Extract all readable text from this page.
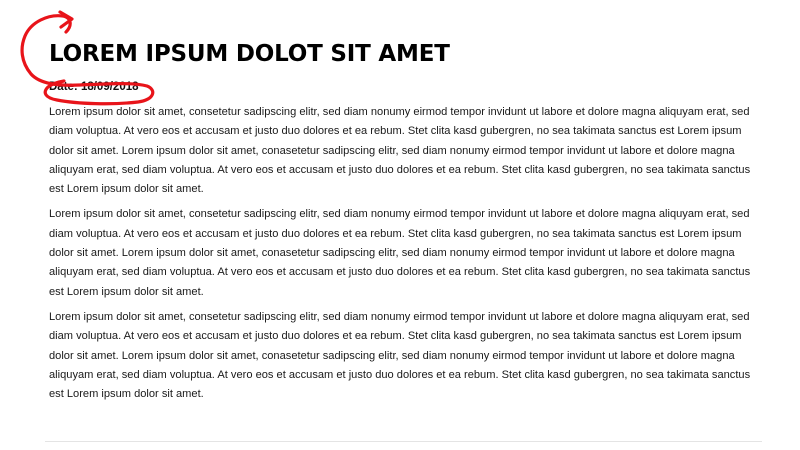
LOREM IPSUM DOLOT SIT AMET
Date: 18/09/2018

Lorem ipsum dolor sit amet, consetetur sadipscing elitr, sed diam nonumy eirmod tempor invidunt ut labore et dolore magna aliquyam erat, sed diam voluptua. At vero eos et accusam et justo duo dolores et ea rebum. Stet clita kasd gubergren, no sea takimata sanctus est Lorem ipsum dolor sit amet. Lorem ipsum dolor sit amet, conasetetur sadipscing elitr, sed diam nonumy eirmod tempor invidunt ut labore et dolore magna aliquyam erat, sed diam voluptua. At vero eos et accusam et justo duo dolores et ea rebum. Stet clita kasd gubergren, no sea takimata sanctus est Lorem ipsum dolor sit amet.

Lorem ipsum dolor sit amet, consetetur sadipscing elitr, sed diam nonumy eirmod tempor invidunt ut labore et dolore magna aliquyam erat, sed diam voluptua. At vero eos et accusam et justo duo dolores et ea rebum. Stet clita kasd gubergren, no sea takimata sanctus est Lorem ipsum dolor sit amet. Lorem ipsum dolor sit amet, conasetetur sadipscing elitr, sed diam nonumy eirmod tempor invidunt ut labore et dolore magna aliquyam erat, sed diam voluptua. At vero eos et accusam et justo duo dolores et ea rebum. Stet clita kasd gubergren, no sea takimata sanctus est Lorem ipsum dolor sit amet.

Lorem ipsum dolor sit amet, consetetur sadipscing elitr, sed diam nonumy eirmod tempor invidunt ut labore et dolore magna aliquyam erat, sed diam voluptua. At vero eos et accusam et justo duo dolores et ea rebum. Stet clita kasd gubergren, no sea takimata sanctus est Lorem ipsum dolor sit amet. Lorem ipsum dolor sit amet, conasetetur sadipscing elitr, sed diam nonumy eirmod tempor invidunt ut labore et dolore magna aliquyam erat, sed diam voluptua. At vero eos et accusam et justo duo dolores et ea rebum. Stet clita kasd gubergren, no sea takimata sanctus est Lorem ipsum dolor sit amet.
